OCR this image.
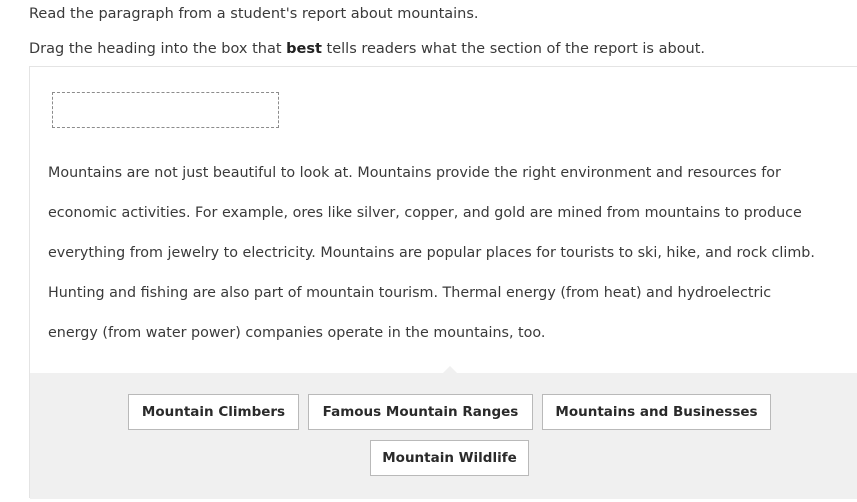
Read the paragraph from a student's report about mountains.
Drag the heading into the box that best tells readers what the section of the report is about.
Mountains are not just beautiful to look at. Mountains provide the right environment and resources for
economic activities. For example, ores like silver, copper, and gold are mined from mountains to produce
everything from jewelry to electricity. Mountains are popular places for tourists to ski, hike, and rock climb.
Hunting and fishing are also part of mountain tourism. Thermal energy (from heat) and hydroelectric
energy (from water power) companies operate in the mountains, too.
Mountain Climbers	Famous Mountain Ranges	Mountains and Businesses
Mountain Wildlife
